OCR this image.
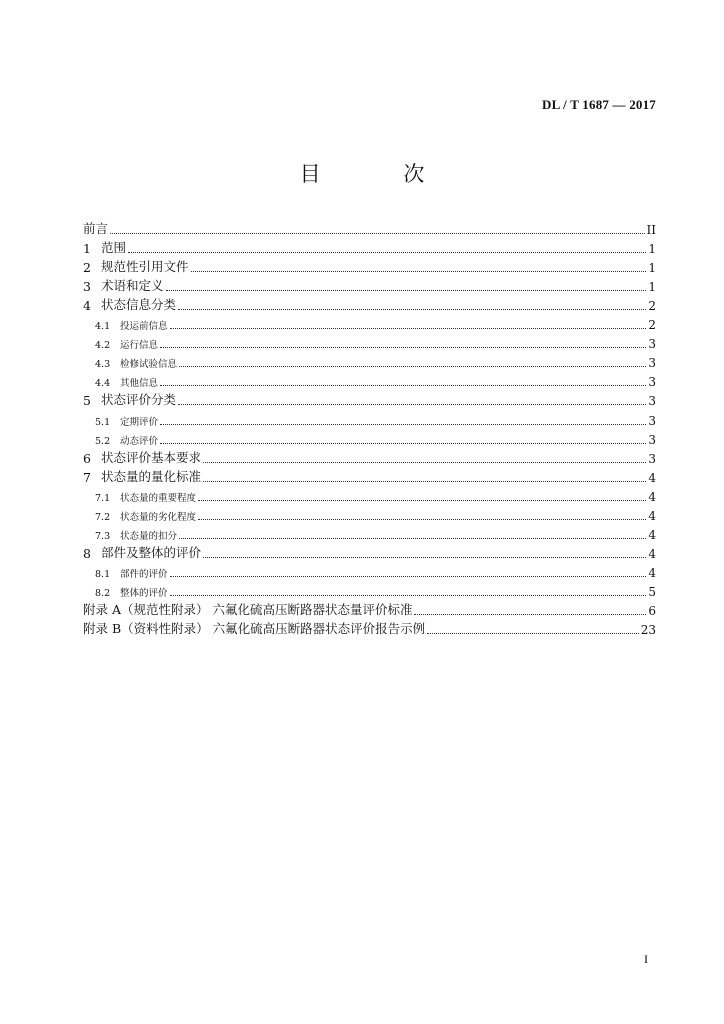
DL / T 1687 — 2017
目 次
前言	II
1 范围	1
2 规范性引用文件	1
3 术语和定义	1
4 状态信息分类	2
4.1	投运前信息	2
4.2	运行信息	3
4.3	检修试验信息	3
4.4	其他信息	3
5 状态评价分类	3
5.1	定期评价	3
5.2	动态评价	3
6 状态评价基本要求	3
7 状态量的量化标准	4
7.1	状态量的重要程度	4
7.2	状态量的劣化程度	4
7.3	状态量的扣分	4
8 部件及整体的评价	4
8.1	部件的评价	4
8.2	整体的评价	5
附录 A（规范性附录） 六氟化硫高压断路器状态量评价标准	6
附录 B（资料性附录） 六氟化硫高压断路器状态评价报告示例	23
I
